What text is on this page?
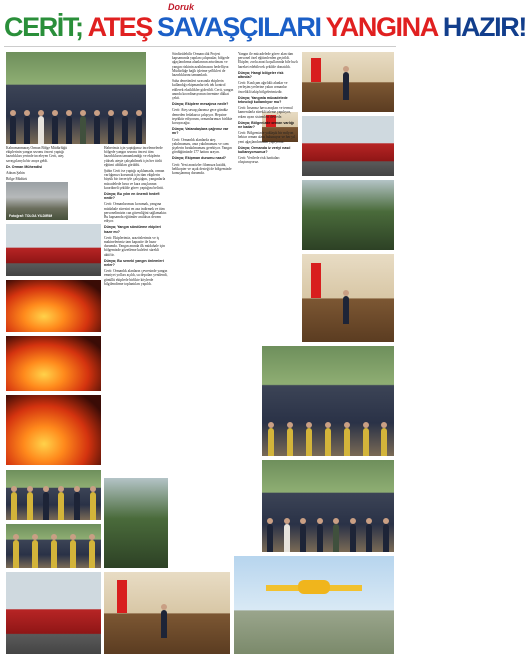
Doruk
CERİT; ATEŞ SAVAŞÇILARI YANGINA HAZIR!

Kahramanmaraş Orman Bölge Müdürlüğü ekiplerinin yangın sezonu öncesi yaptığı hazırlıkları yerinde inceleyen Cerit, ateş savaşçılarıyla bir araya geldi.

Dr. Orman Mühendisi

Adnan Şahin

Bölge Müdürü

Fotoğraf: TOLGA YILDIRIM

Haberimiz için yaptığımız incelemelerde bölgede yangın sezonu öncesi tüm hazırlıkların tamamlandığı ve ekiplerin yüksek ateşte çalışabilmek için her türlü eğitimi aldıkları görüldü.

Şahin Cerit ise yaptığı açıklamada, orman varlığımızı korumak için tüm ekiplerin büyük bir özveriyle çalıştığını, yangınlarla mücadelede hava ve kara araçlarının koordineli şekilde görev yaptığını belirtti.

Dünya; Bu yılın en önemli hedefi nedir?

Cerit: Ormanlarımızı korumak, yangına müdahale süresini en aza indirmek ve tüm personelimizin can güvenliğini sağlamaktır. Bu kapsamda eğitimler aralıksız devam ediyor.

Dünya; Yangın söndürme ekipleri hazır mı?

Cerit: Ekiplerimiz, arazözlerimiz ve iş makinelerimiz tam kapasite ile hazır durumda. Yangın anında ilk müdahale için bölgemizde gözetleme kuleleri sürekli aktiftir.

Dünya; Bu seneki yangın önlemleri neler?

Cerit: Ormanlık alanların çevresinde yangın emniyet yolları açıldı, su depoları yenilendi, gönüllü ekiplerle birlikte köylerde bilgilendirme toplantıları yapıldı.

Sürdürülebilir Ormancılık Projesi kapsamında yapılan çalışmalar, bölgede ağaçlandırma alanlarının artırılması ve yangın riskinin azaltılmasını hedefliyor. Müdürlüğe bağlı işletme şeflikleri de hazırlıklarını tamamladı.

Saha denetimleri sırasında ekiplerin kullandığı ekipmanlar tek tek kontrol edilerek eksiklikler giderildi. Cerit, yangın anında koordinasyonun önemine dikkat çekti.

Dünya; Ekiplere mesajınız nedir?

Cerit: Ateş savaşçılarımız gece gündüz demeden fedakarca çalışıyor. Hepsine teşekkür ediyorum, ormanlarımızı birlikte koruyacağız.

Dünya; Vatandaşlara çağrınız var mı?

Cerit: Ormanlık alanlarda ateş yakılmaması, anız yakılmaması ve cam şişelerin bırakılmaması gerekiyor. Yangın gördüğünüzde 177 hattını arayın.

Dünya; Ekipman durumu nasıl?

Cerit: Yeni arazözler filomuza katıldı, helikopter ve uçak desteği de bölgemizde konuşlanmış durumda.

Yangın ile mücadelede görev alan tüm personel özel eğitimlerden geçirildi. Ekipler, zorlu arazi koşullarında bile hızlı hareket edebilecek şekilde donatıldı.

Dünya; Hangi bölgeler risk altında?

Cerit: Kızılçam ağırlıklı alanlar ve yerleşim yerlerine yakın ormanlar öncelikli takip bölgelerimizdir.

Dünya; Yangınla mücadelede teknoloji kullanılıyor mu?

Cerit: İnsansız hava araçları ve termal kameralarla sürekli izleme yapılıyor, erken uyarı sistemleri devrede.

Dünya; Bölgenizde orman varlığı ne kadar?

Cerit: Bölgemizde yaklaşık bir milyon hektar orman alanı bulunuyor ve her yıl yeni ağaçlandırmalar yapıyoruz.

Dünya; Ormanda iz veriyi nasıl kullanıyorsunuz?

Cerit: Verilerle risk haritaları oluşturuyoruz.
